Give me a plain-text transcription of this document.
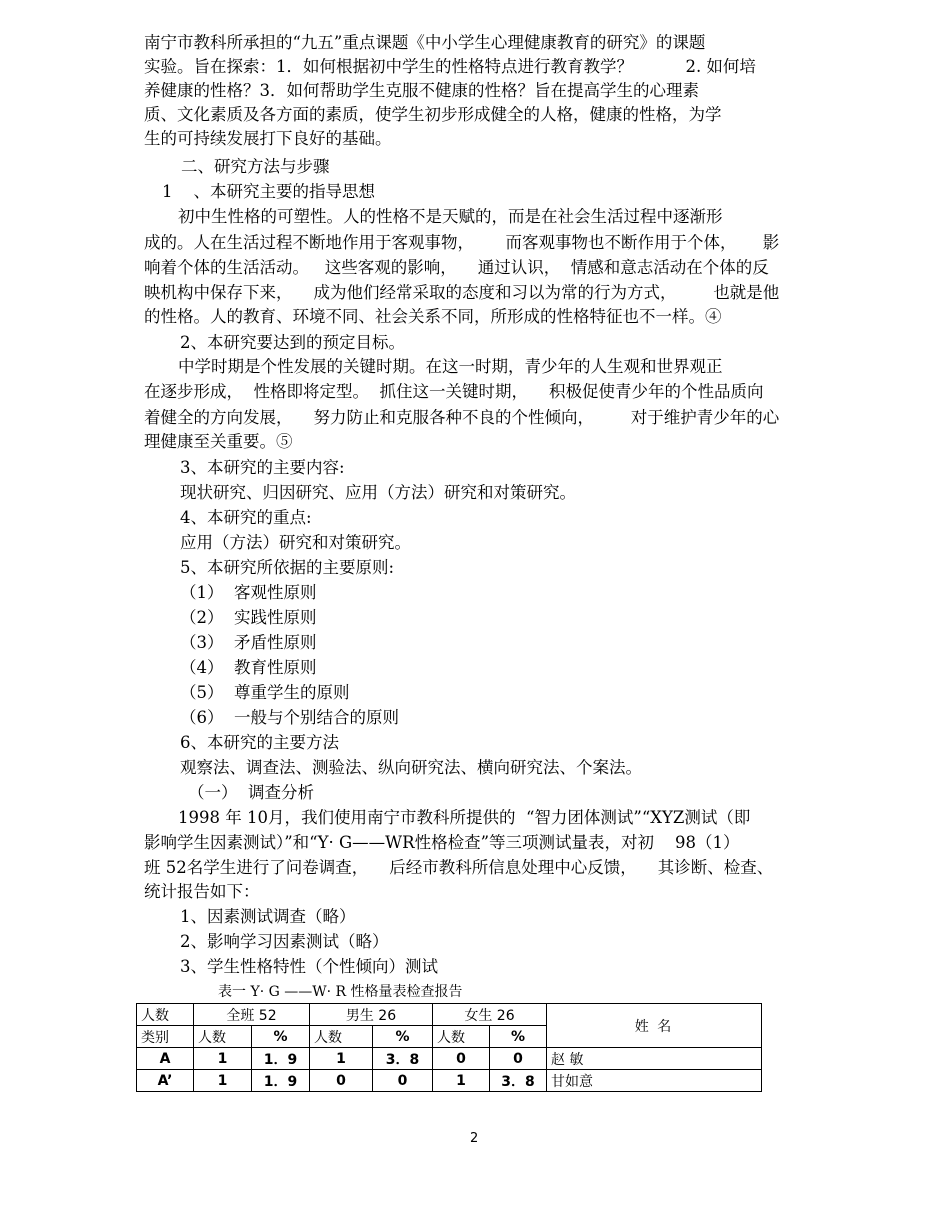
南宁市教科所承担的“九五”重点课题《中小学生心理健康教育的研究》的课题
实验。旨在探索：1．如何根据初中学生的性格特点进行教育教学？          2. 如何培
养健康的性格？3．如何帮助学生克服不健康的性格？旨在提高学生的心理素
质、文化素质及各方面的素质，使学生初步形成健全的人格，健康的性格，为学
生的可持续发展打下良好的基础。
二、研究方法与步骤
1    、本研究主要的指导思想
初中生性格的可塑性。人的性格不是天赋的，而是在社会生活过程中逐渐形
成的。人在生活过程不断地作用于客观事物，      而客观事物也不断作用于个体，     影
响着个体的生活活动。   这些客观的影响，    通过认识，  情感和意志活动在个体的反
映机构中保存下来，    成为他们经常采取的态度和习以为常的行为方式，       也就是他
的性格。人的教育、环境不同、社会关系不同，所形成的性格特征也不一样。④
2、本研究要达到的预定目标。
中学时期是个性发展的关键时期。在这一时期，青少年的人生观和世界观正
在逐步形成，  性格即将定型。  抓住这一关键时期，    积极促使青少年的个性品质向
着健全的方向发展，    努力防止和克服各种不良的个性倾向，       对于维护青少年的心
理健康至关重要。⑤
3、本研究的主要内容:
现状研究、归因研究、应用（方法）研究和对策研究。
4、本研究的重点:
应用（方法）研究和对策研究。
5、本研究所依据的主要原则:
（1）  客观性原则
（2）  实践性原则
（3）  矛盾性原则
（4）  教育性原则
（5）  尊重学生的原则
（6）  一般与个别结合的原则
6、本研究的主要方法
观察法、调查法、测验法、纵向研究法、横向研究法、个案法。
（一）  调查分析
1998 年 10月，我们使用南宁市教科所提供的  “智力团体测试”“XYZ测试（即
影响学生因素测试）”和“Y· G——WR性格检查”等三项测试量表，对初    98（1）
班 52名学生进行了问卷调查，    后经市教科所信息处理中心反馈，    其诊断、检查、
统计报告如下：
1、因素测试调查（略）
2、影响学习因素测试（略）
3、学生性格特性（个性倾向）测试
表一 Y· G ——W· R 性格量表检查报告
人数	全班 52		男生 26		女生 26		姓 名
类别	人数	%	人数	%	人数	%	
A	1	1．9	1	3．8	0	0	赵 敏
A’	1	1．9	0	0	1	3．8	甘如意
2
